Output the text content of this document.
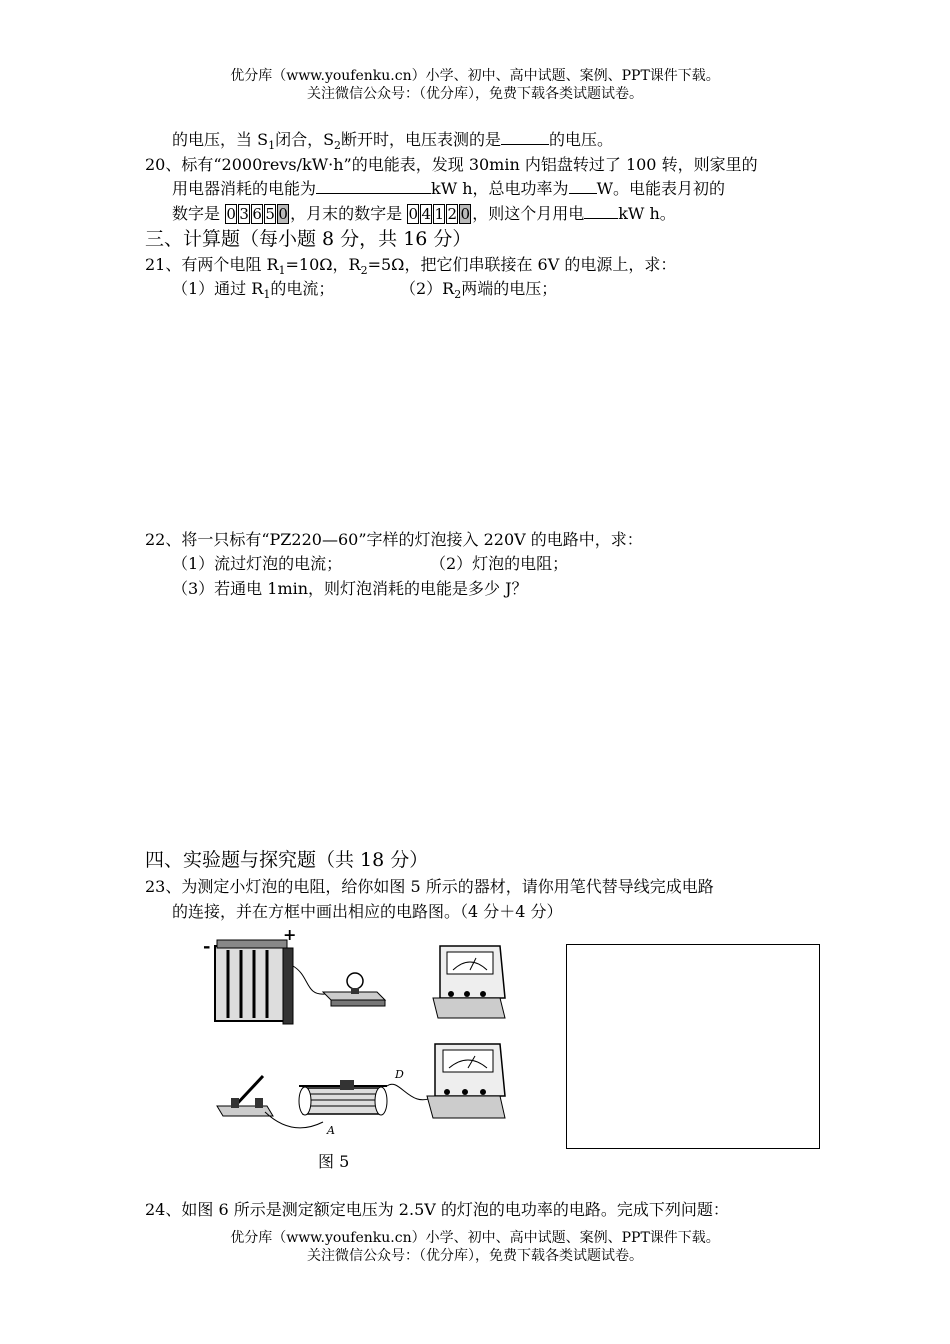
优分库（www.youfenku.cn）小学、初中、高中试题、案例、PPT课件下载。
关注微信公众号：（优分库），免费下载各类试题试卷。
的电压，当 $S_1$闭合，$S_2$断开时，电压表测的是	的电压。
20、标有“2000revs/kW·h”的电能表，发现 30min 内铝盘转过了 100 转，则家里的
用电器消耗的电能为	kW h，总电功率为 W。电能表月初的
数字是 0 3 6 5 0 ，月末的数字是 0 4 1 2 0 ，则这个月用电 kW h。
三、计算题（每小题 8 分，共 16 分）
21、有两个电阻 $R_1=10\Omega$，$R_2=5\Omega$，把它们串联接在 6V 的电源上，求：
（1）通过 $R_1$的电流；	$(2)R_2$两端的电压；
22、将一只标有“PZ220—60”字样的灯泡接入 220V 的电路中，求：
（1）流过灯泡的电流；	（2）灯泡的电阻；
（3）若通电 1min，则灯泡消耗的电能是多少 J？
四、实验题与探究题（共 18 分）
23、为测定小灯泡的电阻，给你如图 5 所示的器材，请你用笔代替导线完成电路
的连接，并在方框中画出相应的电路图。（4 分＋4 分）
-
+
A
D
图 5
24、如图 6 所示是测定额定电压为 2.5V 的灯泡的电功率的电路。完成下列问题：
优分库（www.youfenku.cn）小学、初中、高中试题、案例、PPT课件下载。
关注微信公众号：（优分库），免费下载各类试题试卷。
